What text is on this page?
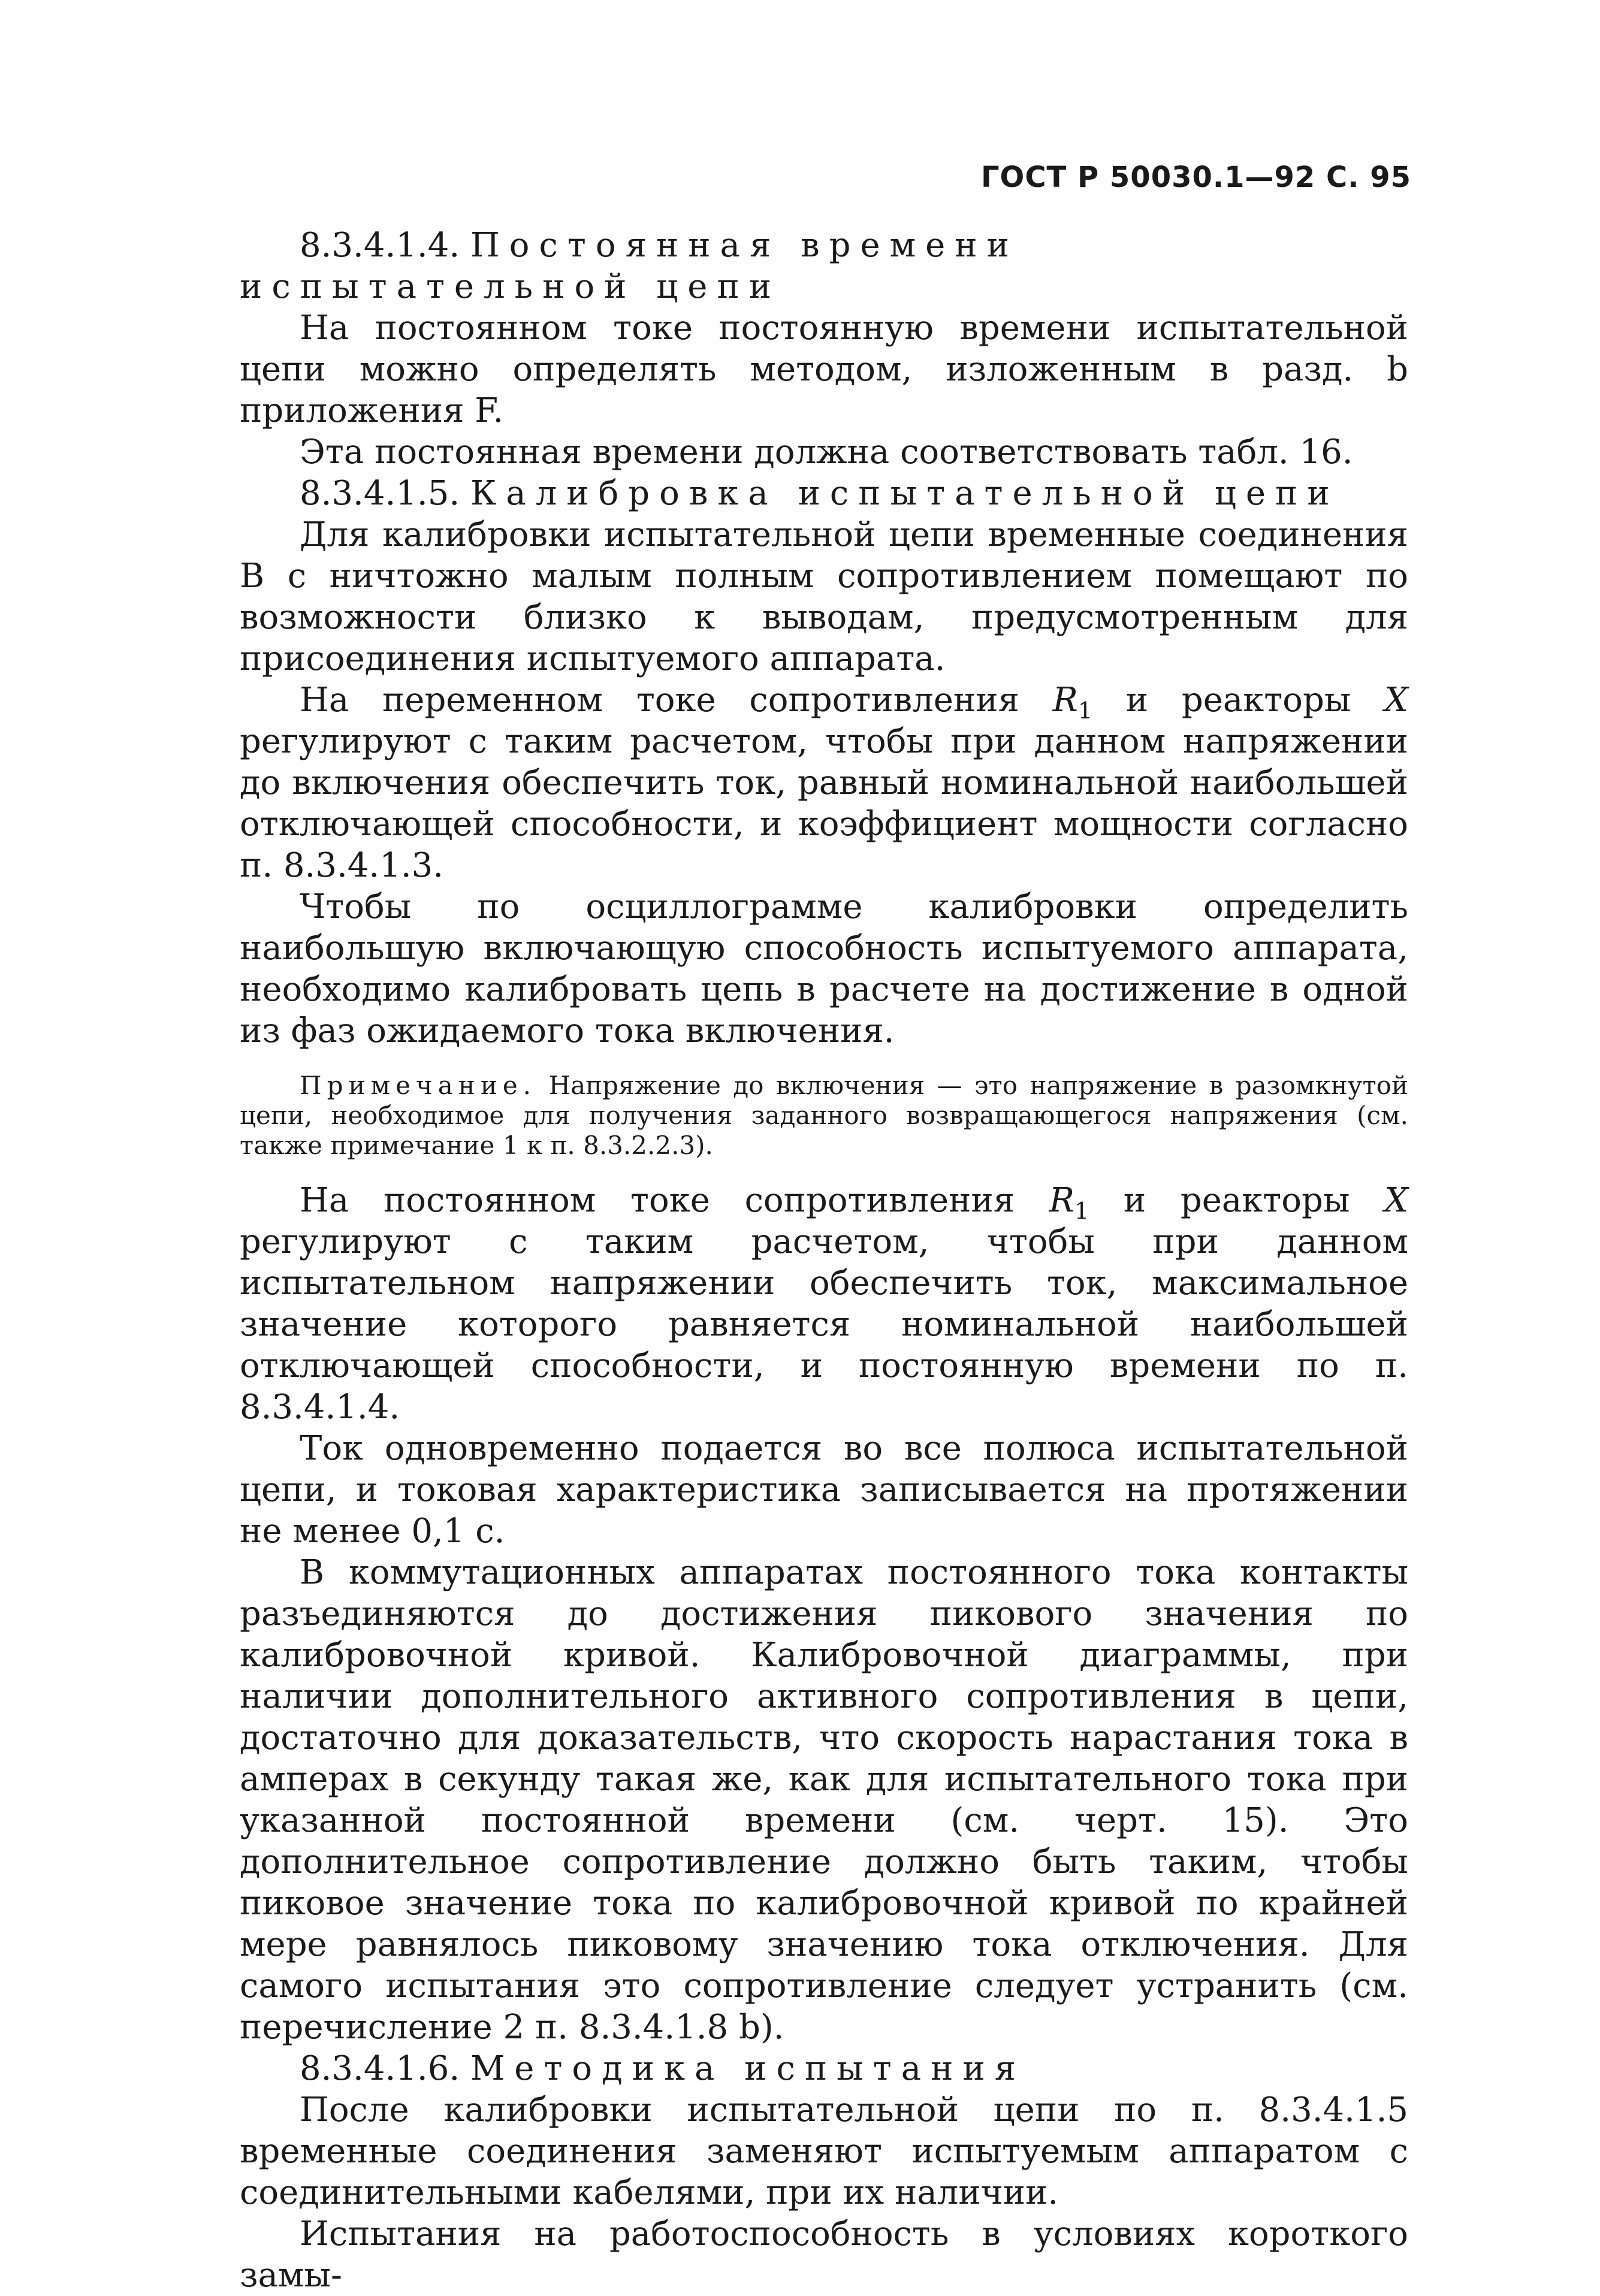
ГОСТ Р 50030.1—92 С. 95

8.3.4.1.4. Постоянная времени испытательной цепи

На постоянном токе постоянную времени испытательной цепи можно определять методом, изложенным в разд. b приложения F.

Эта постоянная времени должна соответствовать табл. 16.

8.3.4.1.5. Калибровка испытательной цепи

Для калибровки испытательной цепи временные соединения В с ничтожно малым полным сопротивлением помещают по возможности близко к выводам, предусмотренным для присоединения испытуемого аппарата.

На переменном токе сопротивления $R_1$ и реакторы X регулируют с таким расчетом, чтобы при данном напряжении до включения обеспечить ток, равный номинальной наибольшей отключающей способности, и коэффициент мощности согласно п. 8.3.4.1.3.

Чтобы по осциллограмме калибровки определить наибольшую включающую способность испытуемого аппарата, необходимо калибровать цепь в расчете на достижение в одной из фаз ожидаемого тока включения.

Примечание. Напряжение до включения — это напряжение в разомкнутой цепи, необходимое для получения заданного возвращающегося напряжения (см. также примечание 1 к п. 8.3.2.2.3).

На постоянном токе сопротивления $R_1$ и реакторы X регулируют с таким расчетом, чтобы при данном испытательном напряжении обеспечить ток, максимальное значение которого равняется номинальной наибольшей отключающей способности, и постоянную времени по п. 8.3.4.1.4.

Ток одновременно подается во все полюса испытательной цепи, и токовая характеристика записывается на протяжении не менее 0,1 с.

В коммутационных аппаратах постоянного тока контакты разъединяются до достижения пикового значения по калибровочной кривой. Калибровочной диаграммы, при наличии дополнительного активного сопротивления в цепи, достаточно для доказательств, что скорость нарастания тока в амперах в секунду такая же, как для испытательного тока при указанной постоянной времени (см. черт. 15). Это дополнительное сопротивление должно быть таким, чтобы пиковое значение тока по калибровочной кривой по крайней мере равнялось пиковому значению тока отключения. Для самого испытания это сопротивление следует устранить (см. перечисление 2 п. 8.3.4.1.8 b).

8.3.4.1.6. Методика испытания

После калибровки испытательной цепи по п. 8.3.4.1.5 временные соединения заменяют испытуемым аппаратом с соединительными кабелями, при их наличии.

Испытания на работоспособность в условиях короткого замы-
